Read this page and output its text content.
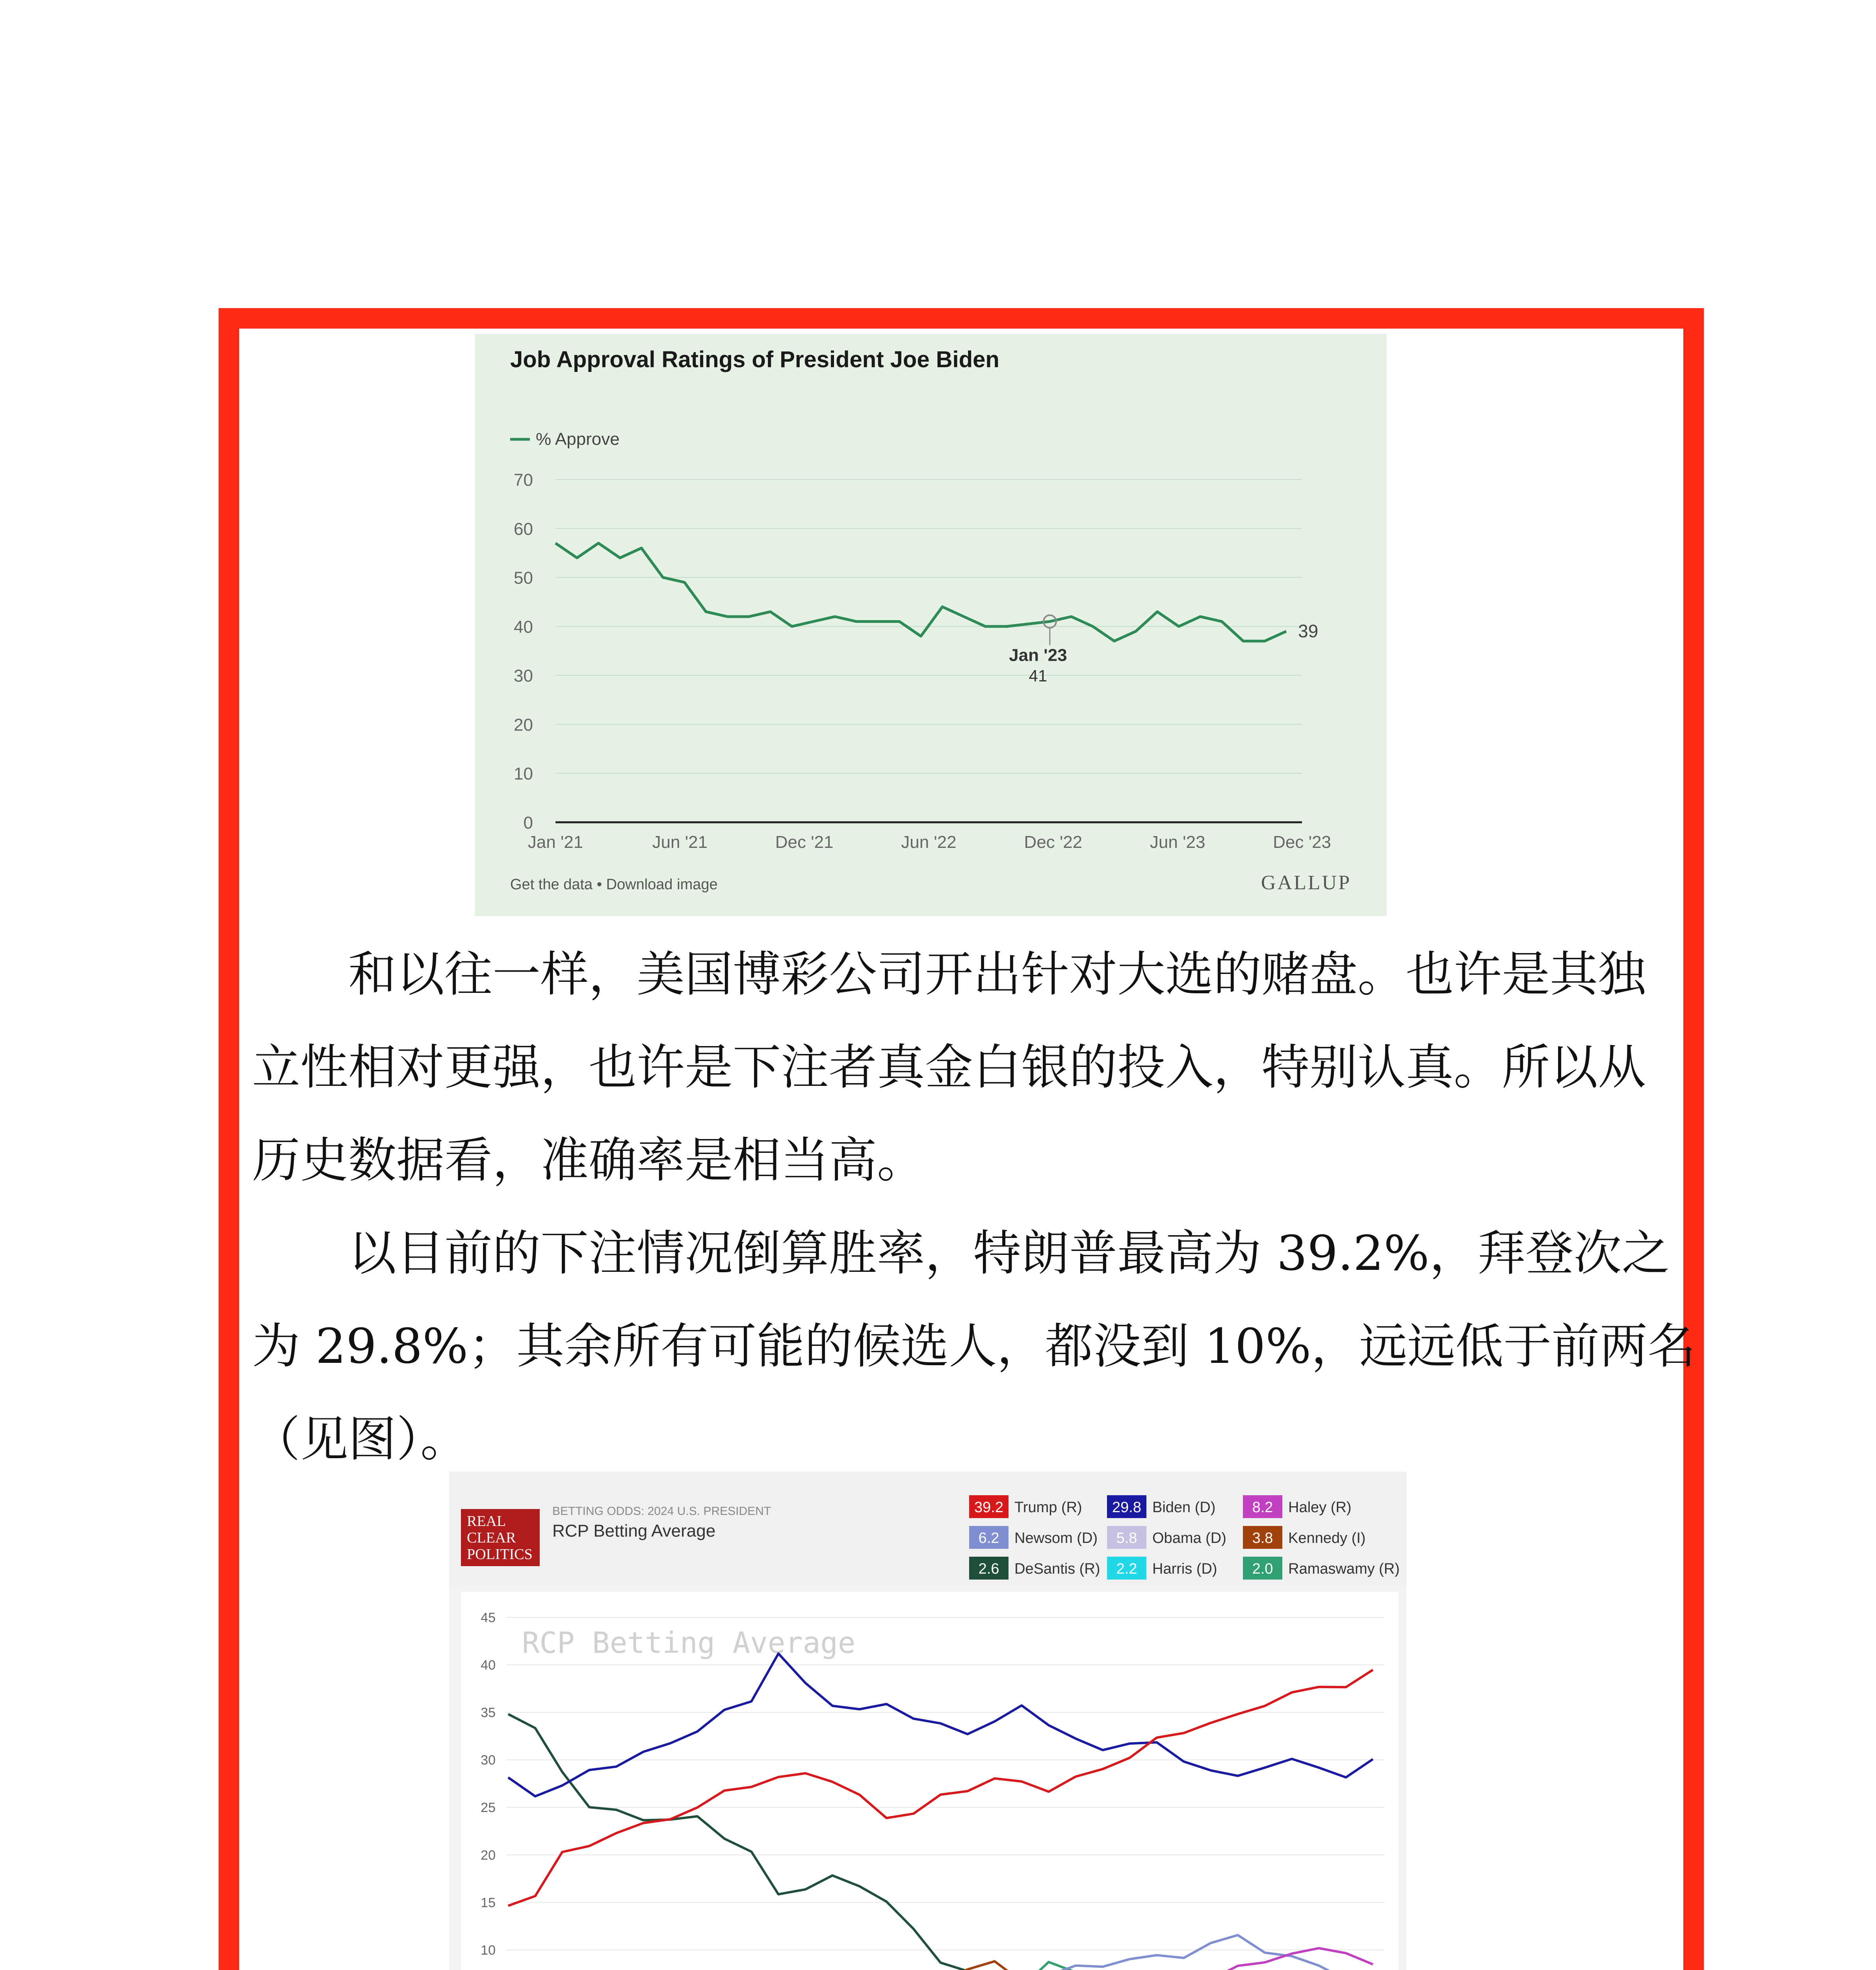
Job Approval Ratings of President Joe Biden
% Approve
0
10
20
30
40
50
60
70
Jan '21	Jun '21	Dec '21	Jun '22	Dec '22	Jun '23	Dec '23
Jan '23
41
39
Get the data • Download image	GALLUP
和以往一样，美国博彩公司开出针对大选的赌盘。也许是其独
立性相对更强，也许是下注者真金白银的投入，特别认真。所以从
历史数据看，准确率是相当高。
以目前的下注情况倒算胜率，特朗普最高为 39.2%，拜登次之
为 29.8%；其余所有可能的候选人，都没到 10%，远远低于前两名
（见图）。
REAL
CLEAR
POLITICS
BETTING ODDS: 2024 U.S. PRESIDENT
RCP Betting Average
39.2 Trump (R) 29.8 Biden (D) 8.2 Haley (R)
6.2 Newsom (D) 5.8 Obama (D) 3.8 Kennedy (I)
2.6 DeSantis (R) 2.2 Harris (D) 2.0 Ramaswamy (R)
RCP Betting Average
10
15
20
25
30
35
40
45
